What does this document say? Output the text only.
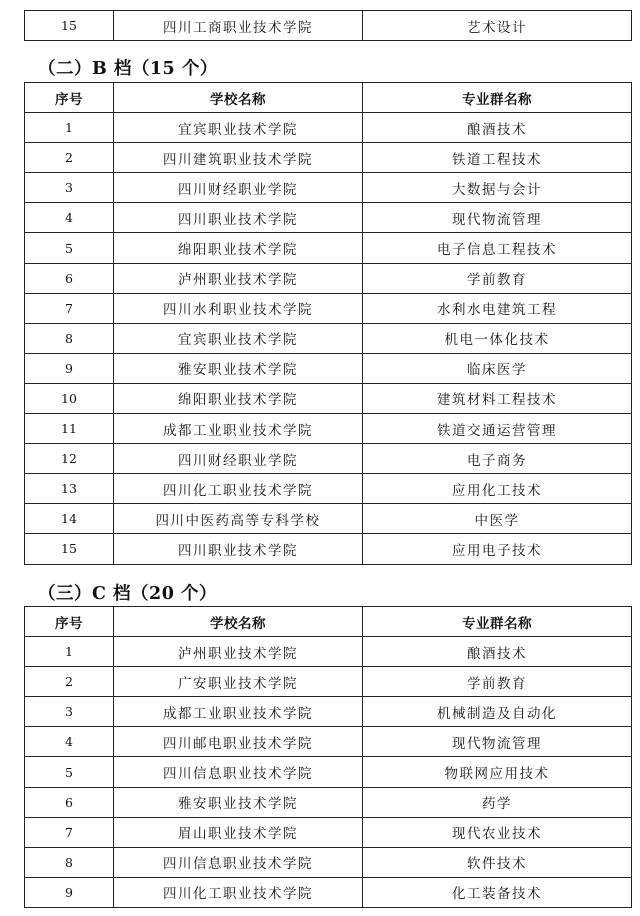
15	四川工商职业技术学院	艺术设计
（二）B 档（15 个）
序号	学校名称	专业群名称
1	宜宾职业技术学院	酿酒技术
2	四川建筑职业技术学院	铁道工程技术
3	四川财经职业学院	大数据与会计
4	四川职业技术学院	现代物流管理
5	绵阳职业技术学院	电子信息工程技术
6	泸州职业技术学院	学前教育
7	四川水利职业技术学院	水利水电建筑工程
8	宜宾职业技术学院	机电一体化技术
9	雅安职业技术学院	临床医学
10	绵阳职业技术学院	建筑材料工程技术
11	成都工业职业技术学院	铁道交通运营管理
12	四川财经职业学院	电子商务
13	四川化工职业技术学院	应用化工技术
14	四川中医药高等专科学校	中医学
15	四川职业技术学院	应用电子技术
（三）C 档（20 个）
序号	学校名称	专业群名称
1	泸州职业技术学院	酿酒技术
2	广安职业技术学院	学前教育
3	成都工业职业技术学院	机械制造及自动化
4	四川邮电职业技术学院	现代物流管理
5	四川信息职业技术学院	物联网应用技术
6	雅安职业技术学院	药学
7	眉山职业技术学院	现代农业技术
8	四川信息职业技术学院	软件技术
9	四川化工职业技术学院	化工装备技术
